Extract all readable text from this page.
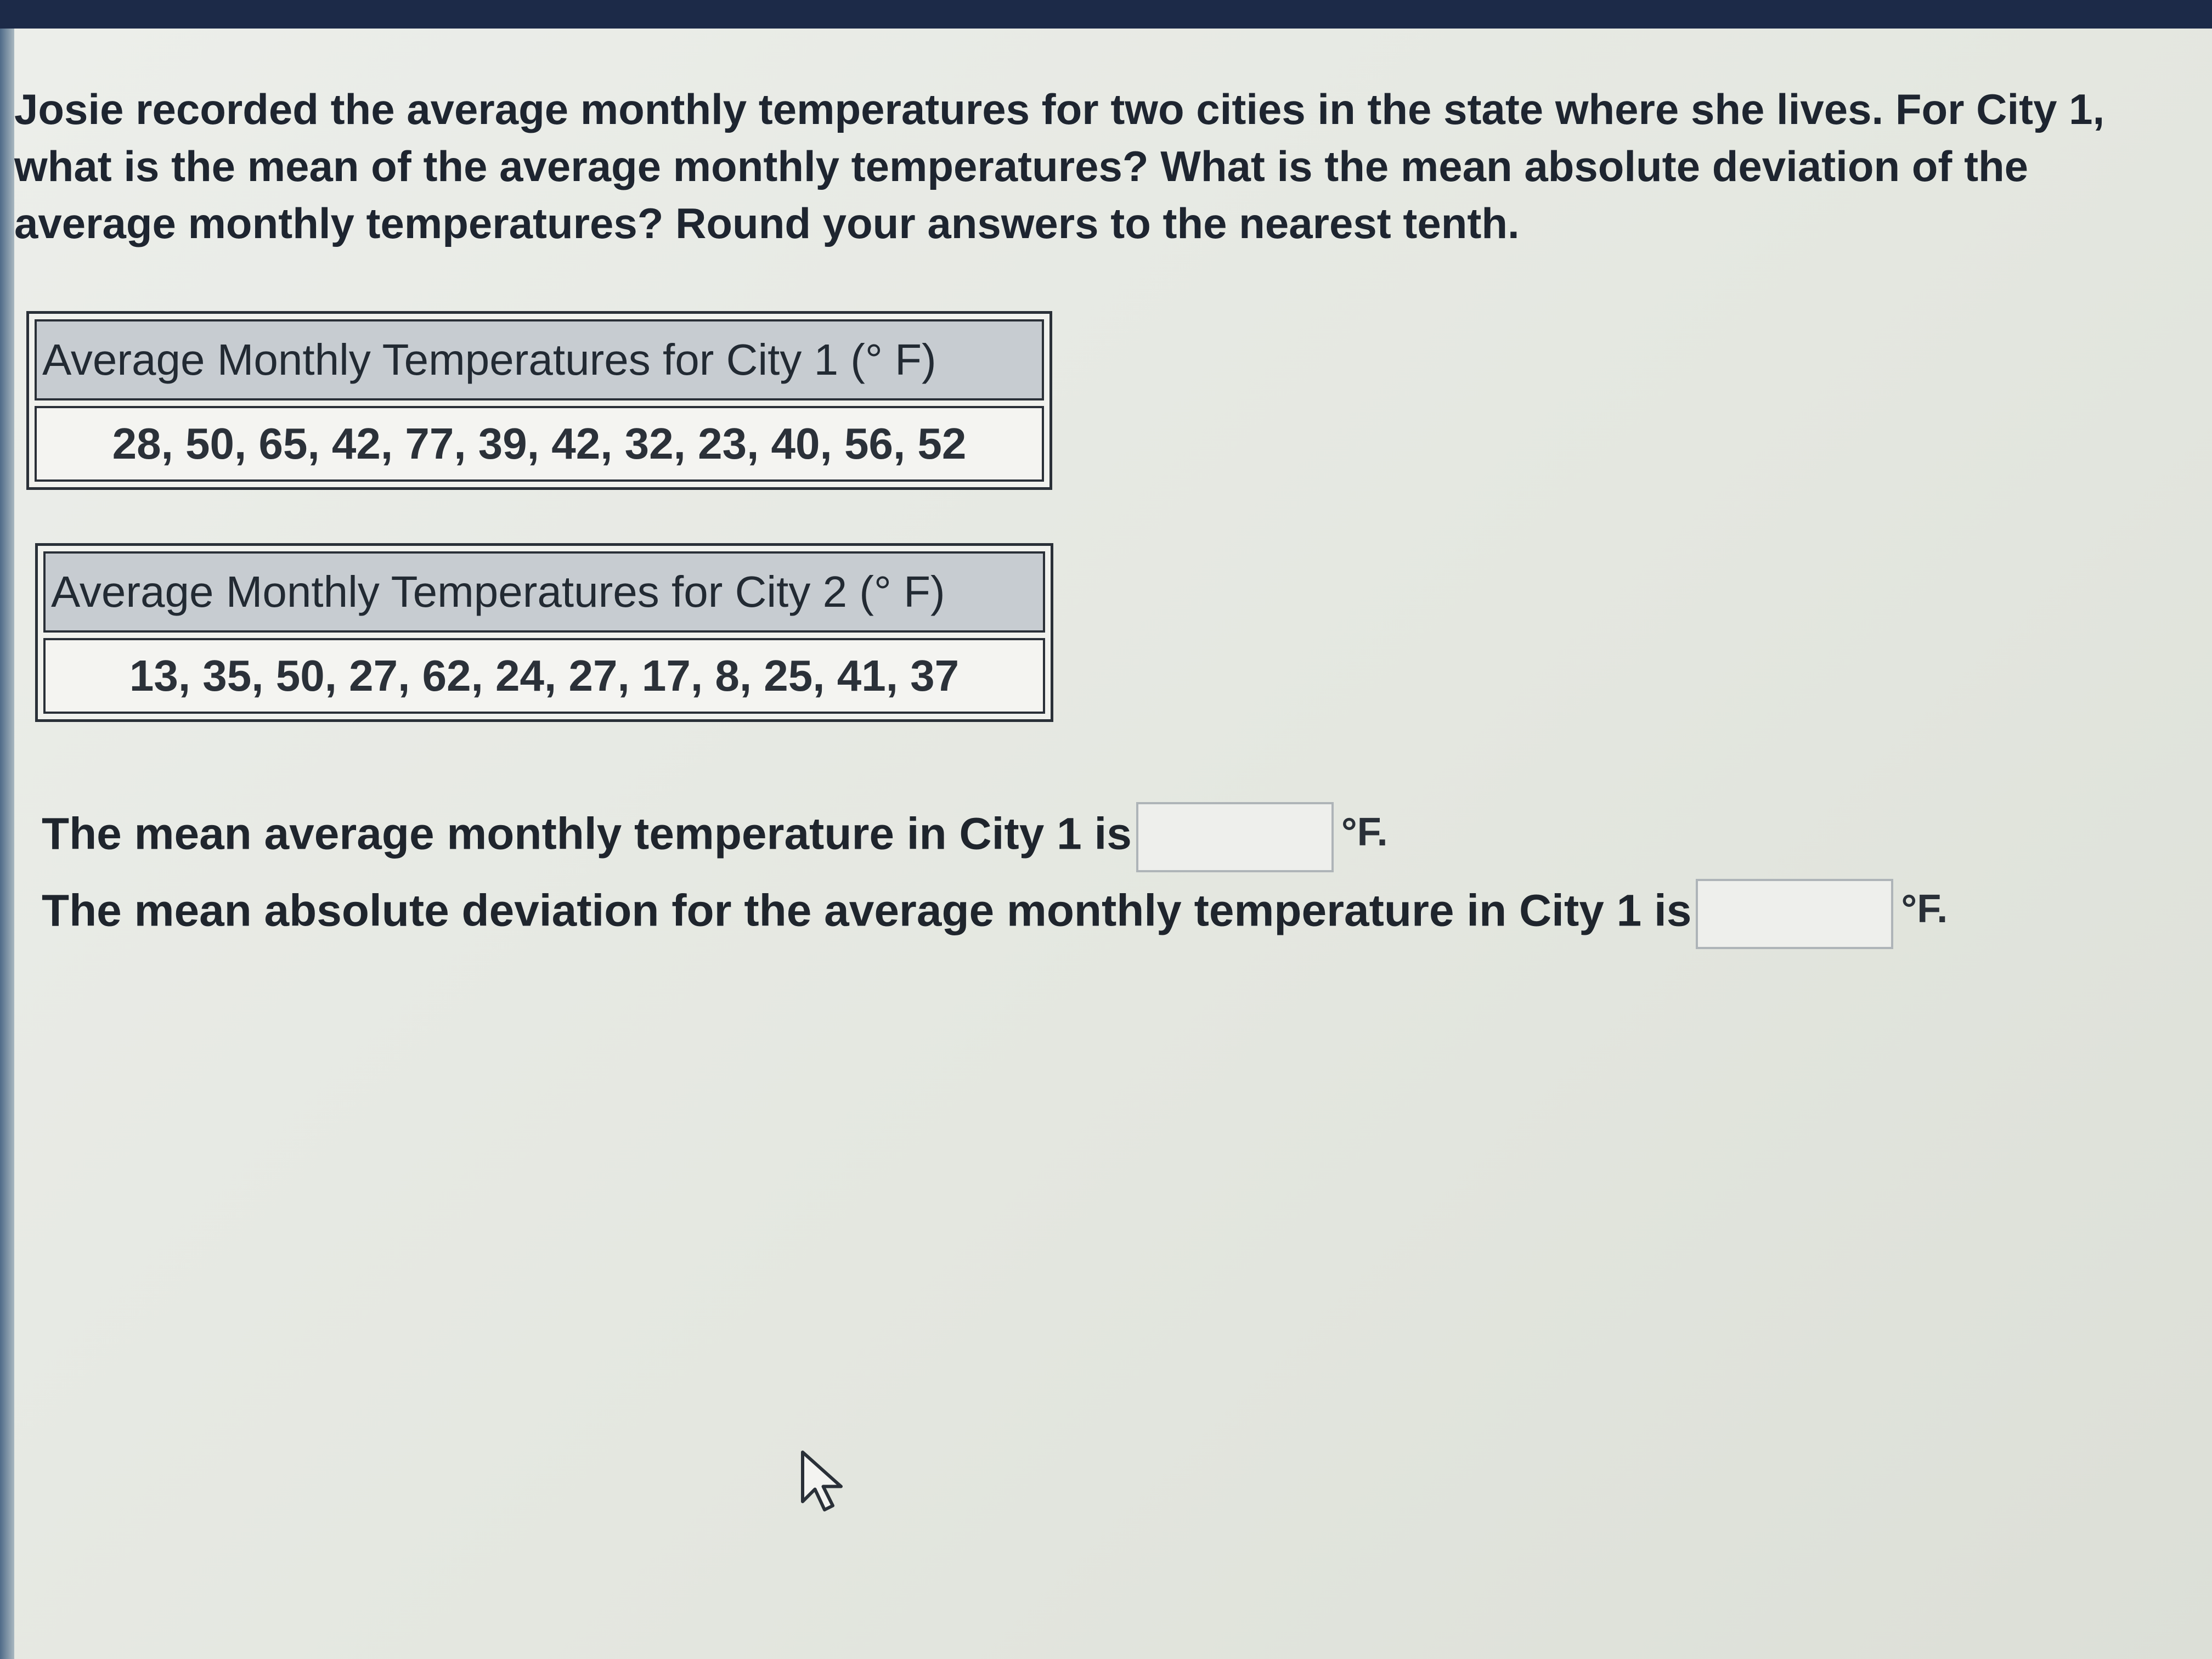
Josie recorded the average monthly temperatures for two cities in the state where she lives. For City 1, what is the mean of the average monthly temperatures? What is the mean absolute deviation of the average monthly temperatures? Round your answers to the nearest tenth.
Average Monthly Temperatures for City 1 (° F)
28, 50, 65, 42, 77, 39, 42, 32, 23, 40, 56, 52
Average Monthly Temperatures for City 2 (° F)
13, 35, 50, 27, 62, 24, 27, 17, 8, 25, 41, 37
The mean average monthly temperature in City 1 is	°F.
The mean absolute deviation for the average monthly temperature in City 1 is	°F.
